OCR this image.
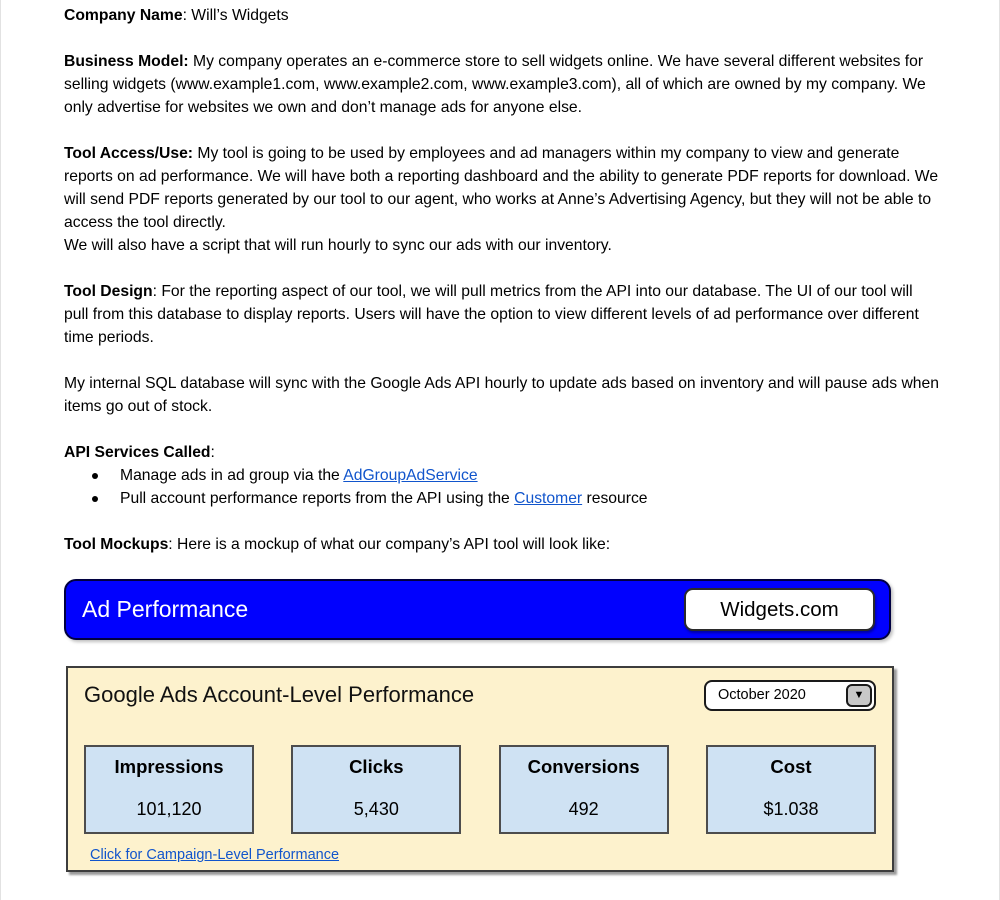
Company Name: Will’s Widgets
Business Model: My company operates an e-commerce store to sell widgets online. We have several different websites for selling widgets (www.example1.com, www.example2.com, www.example3.com), all of which are owned by my company. We only advertise for websites we own and don’t manage ads for anyone else.
Tool Access/Use: My tool is going to be used by employees and ad managers within my company to view and generate reports on ad performance. We will have both a reporting dashboard and the ability to generate PDF reports for download. We will send PDF reports generated by our tool to our agent, who works at Anne’s Advertising Agency, but they will not be able to access the tool directly.
We will also have a script that will run hourly to sync our ads with our inventory.
Tool Design: For the reporting aspect of our tool, we will pull metrics from the API into our database. The UI of our tool will pull from this database to display reports. Users will have the option to view different levels of ad performance over different time periods.
My internal SQL database will sync with the Google Ads API hourly to update ads based on inventory and will pause ads when items go out of stock.
API Services Called:
Manage ads in ad group via the AdGroupAdService
Pull account performance reports from the API using the Customer resource
Tool Mockups: Here is a mockup of what our company’s API tool will look like:
Ad Performance	Widgets.com
Google Ads Account-Level Performance	October 2020	▼
Impressions
101,120
Clicks
5,430
Conversions
492
Cost
$1.038
Click for Campaign-Level Performance
